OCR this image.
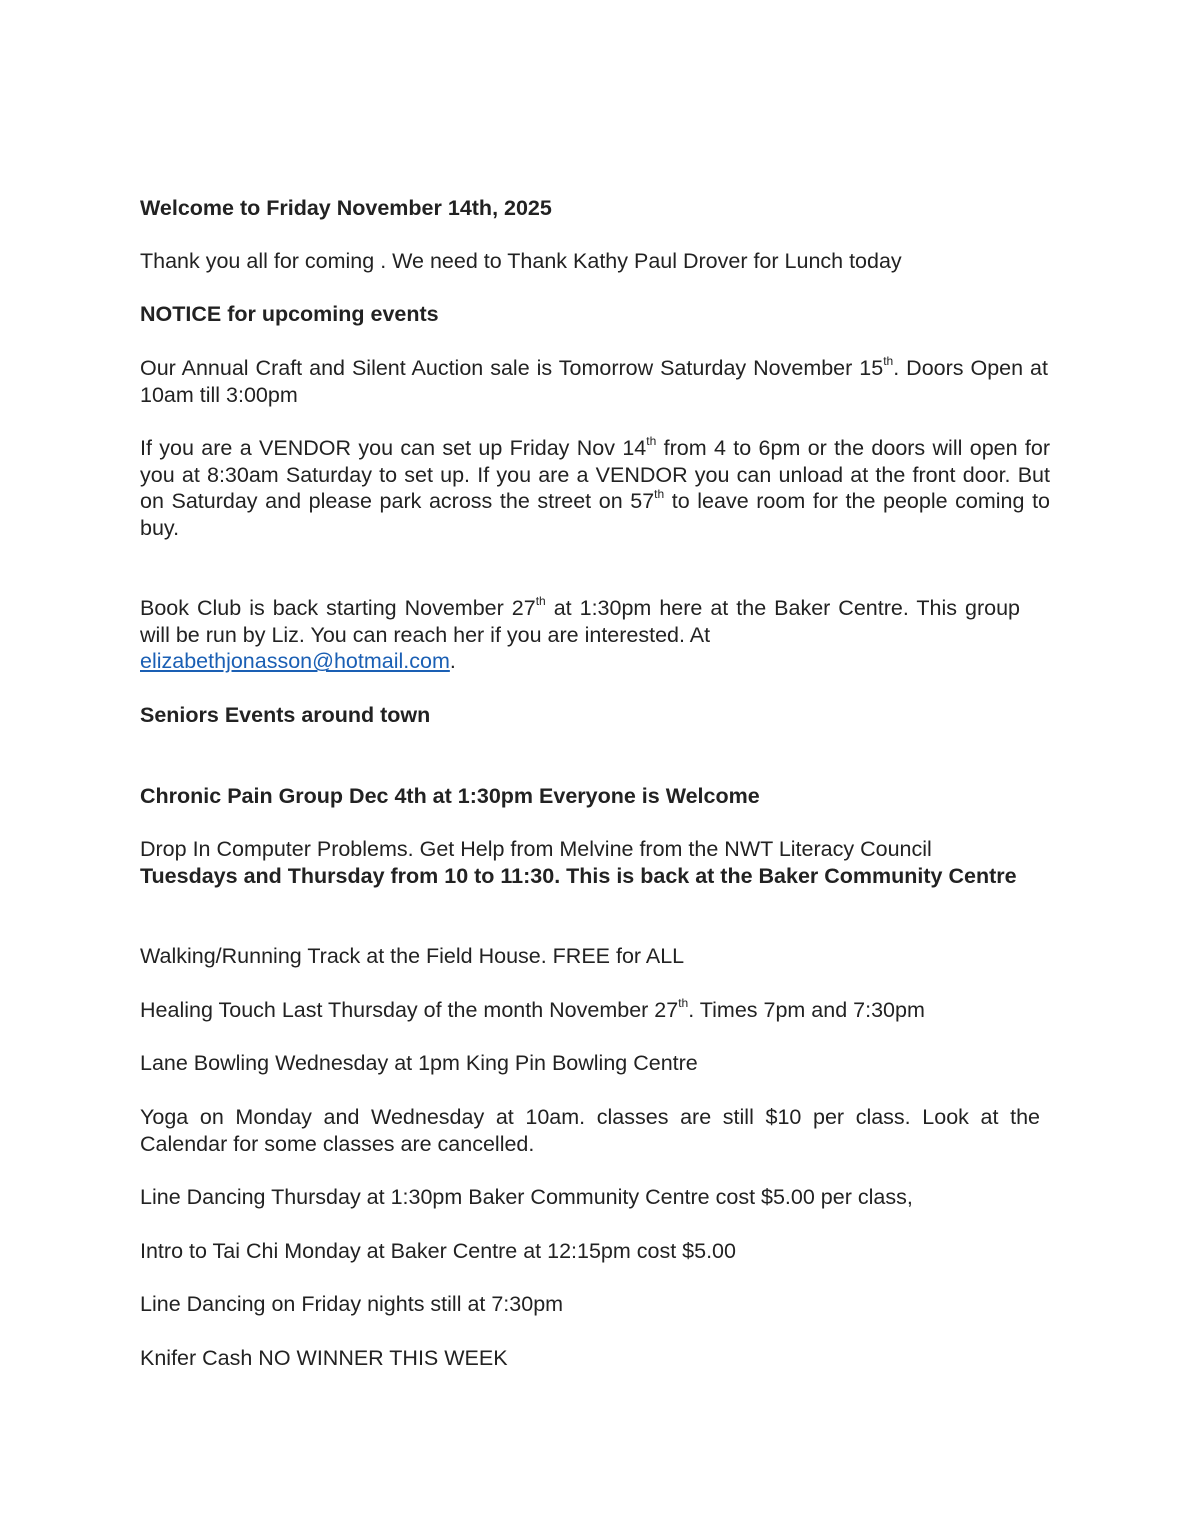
Welcome to Friday November 14th, 2025
Thank you all for coming . We need to Thank Kathy Paul Drover for Lunch today
NOTICE for upcoming events
Our Annual Craft and Silent Auction sale is Tomorrow Saturday November 15th. Doors Open at 10am till 3:00pm
If you are a VENDOR you can set up Friday Nov 14th from 4 to 6pm or the doors will open for you at 8:30am Saturday to set up. If you are a VENDOR you can unload at the front door. But on Saturday and please park across the street on 57th to leave room for the people coming to buy.
Book Club is back starting November 27th at 1:30pm here at the Baker Centre. This group will be run by Liz. You can reach her if you are interested. At
elizabethjonasson@hotmail.com.
Seniors Events around town
Chronic Pain Group Dec 4th at 1:30pm Everyone is Welcome
Drop In Computer Problems. Get Help from Melvine from the NWT Literacy Council
Tuesdays and Thursday from 10 to 11:30. This is back at the Baker Community Centre
Walking/Running Track at the Field House. FREE for ALL
Healing Touch Last Thursday of the month November 27th. Times 7pm and 7:30pm
Lane Bowling Wednesday at 1pm King Pin Bowling Centre
Yoga on Monday and Wednesday at 10am. classes are still $10 per class. Look at the Calendar for some classes are cancelled.
Line Dancing Thursday at 1:30pm Baker Community Centre cost $5.00 per class,
Intro to Tai Chi Monday at Baker Centre at 12:15pm cost $5.00
Line Dancing on Friday nights still at 7:30pm
Knifer Cash NO WINNER THIS WEEK
